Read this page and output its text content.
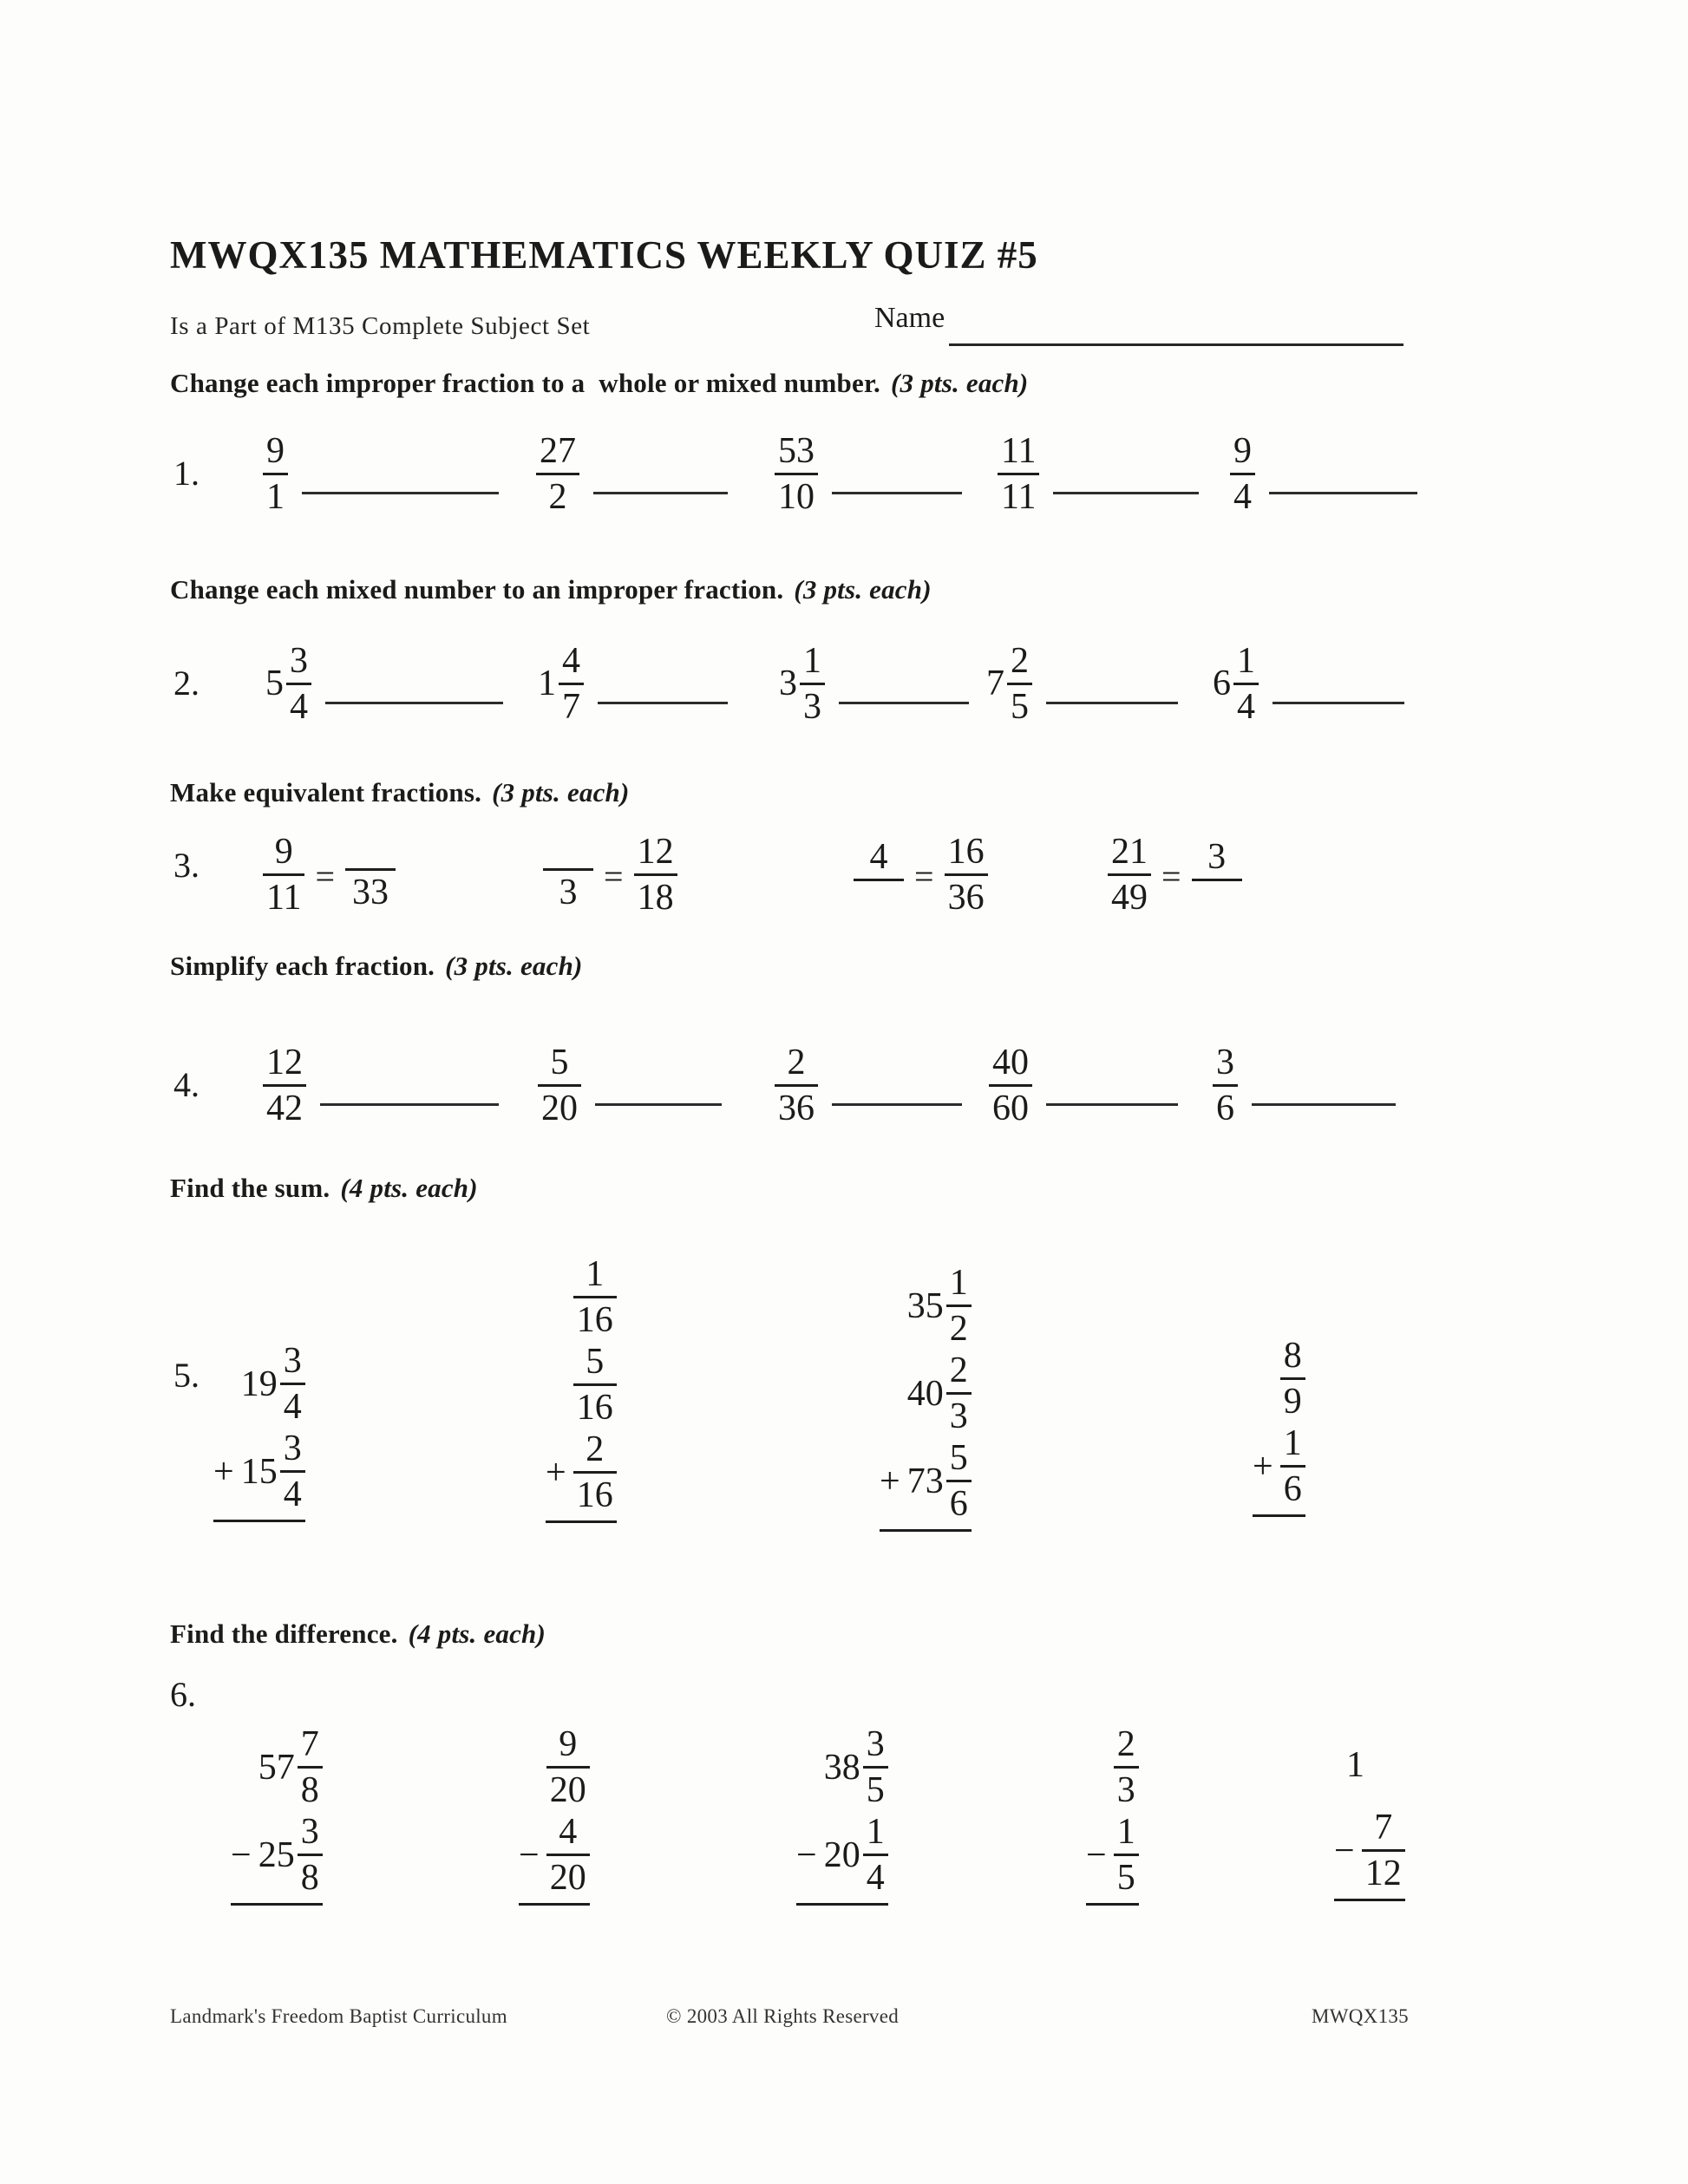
MWQX135 MATHEMATICS WEEKLY QUIZ #5
Is a Part of M135 Complete Subject Set	Name
Change each improper fraction to a  whole or mixed number. (3 pts. each)
1. $\frac{9}{1}$	$\frac{27}{2}$	$\frac{53}{10}$	$\frac{11}{11}$	$\frac{9}{4}$
Change each mixed number to an improper fraction. (3 pts. each)
2. $5 \frac{3}{4}$	$1 \frac{4}{7}$	$3 \frac{1}{3}$	$7 \frac{2}{5}$	$6 \frac{1}{4}$
Make equivalent fractions. (3 pts. each)
3. $\frac{9}{11} = 33$	$3 = \frac{12}{18}$	$4 = \frac{16}{36}$	$\frac{21}{49} = 3$
Simplify each fraction. (3 pts. each)
4. $\frac{12}{42}$	$\frac{5}{20}$	$\frac{2}{36}$	$\frac{40}{60}$	$\frac{3}{6}$
Find the sum. (4 pts. each)
5. $19 \frac{3}{4}$
+ $15 \frac{3}{4}$
$\frac{1}{16}$
$\frac{5}{16}$
+ $\frac{2}{16}$
$35 \frac{1}{2}$
$40 \frac{2}{3}$
+ $73 \frac{5}{6}$
$\frac{8}{9}$
+ $\frac{1}{6}$
Find the difference. (4 pts. each)
6.
$57 \frac{7}{8}$
− $25 \frac{3}{8}$
$\frac{9}{20}$
− $\frac{4}{20}$
$38 \frac{3}{5}$
− $20 \frac{1}{4}$
$\frac{2}{3}$
− $\frac{1}{5}$
1
− $\frac{7}{12}$
Landmark's Freedom Baptist Curriculum	© 2003 All Rights Reserved	MWQX135
